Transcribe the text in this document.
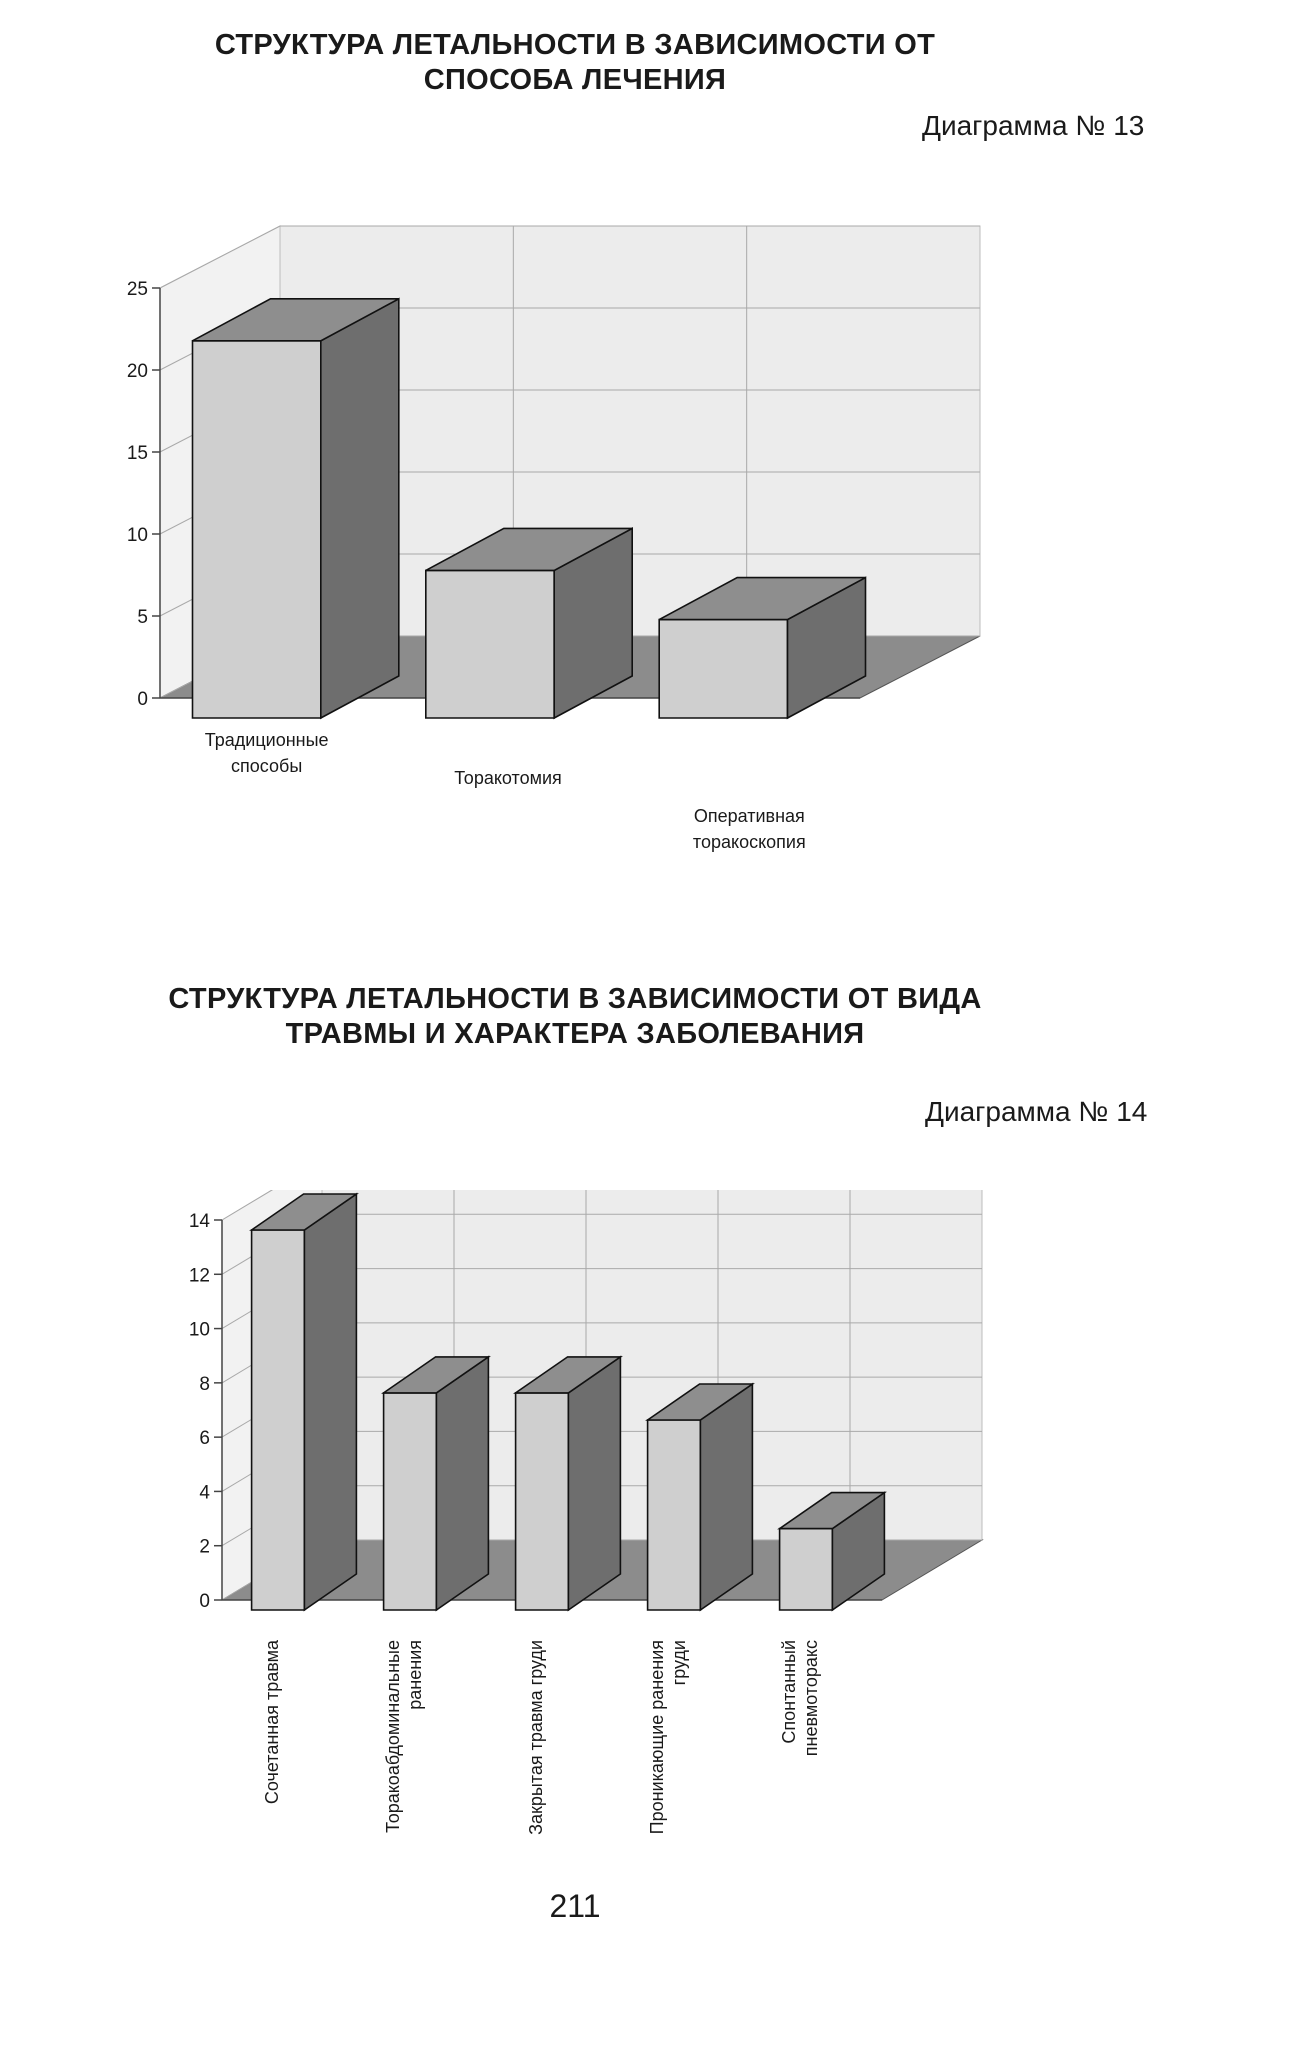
СТРУКТУРА ЛЕТАЛЬНОСТИ В ЗАВИСИМОСТИ ОТ
СПОСОБА ЛЕЧЕНИЯ
Диаграмма № 13
0
5
10
15
20
25
Традиционные
способы
Торакотомия
Оперативная
торакоскопия
СТРУКТУРА ЛЕТАЛЬНОСТИ В ЗАВИСИМОСТИ ОТ ВИДА
ТРАВМЫ И ХАРАКТЕРА ЗАБОЛЕВАНИЯ
Диаграмма № 14
0
2
4
6
8
10
12
14
Сочетанная травма	Торакоабдоминальные ранения	Закрытая травма груди	Проникающие ранения груди	Спонтанный пневмоторакс
211
